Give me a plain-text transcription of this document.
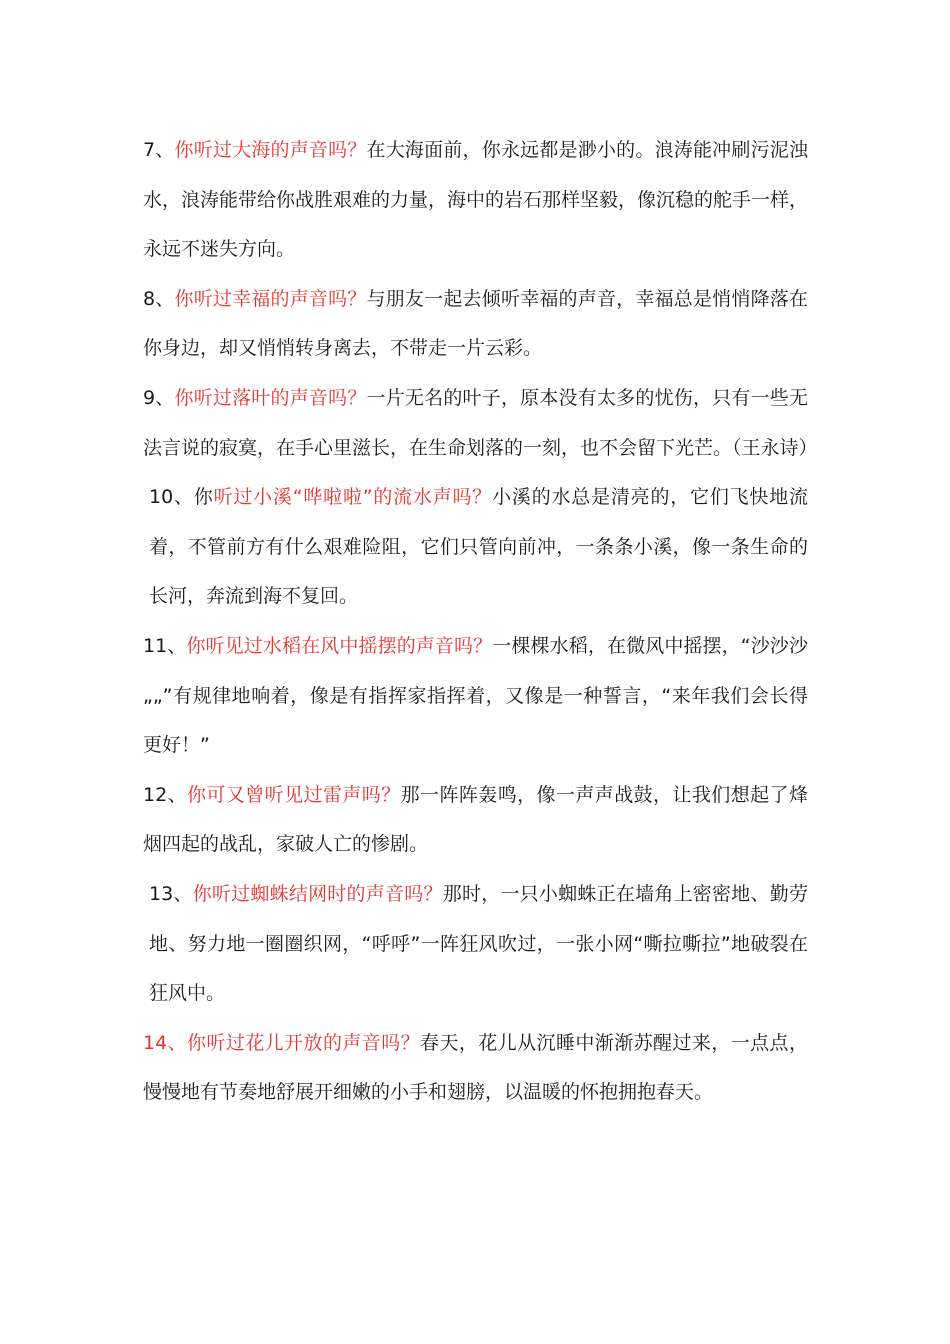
7、你听过大海的声音吗？在大海面前，你永远都是渺小的。浪涛能冲刷污泥浊水，浪涛能带给你战胜艰难的力量，海中的岩石那样坚毅，像沉稳的舵手一样，永远不迷失方向。

8、你听过幸福的声音吗？与朋友一起去倾听幸福的声音，幸福总是悄悄降落在你身边，却又悄悄转身离去，不带走一片云彩。

9、你听过落叶的声音吗？一片无名的叶子，原本没有太多的忧伤，只有一些无法言说的寂寞，在手心里滋长，在生命划落的一刻，也不会留下光芒。（王永诗）

10、你听过小溪“哗啦啦”的流水声吗？小溪的水总是清亮的，它们飞快地流着，不管前方有什么艰难险阻，它们只管向前冲，一条条小溪，像一条生命的长河，奔流到海不复回。

11、你听见过水稻在风中摇摆的声音吗？一棵棵水稻，在微风中摇摆，“沙沙沙„„”有规律地响着，像是有指挥家指挥着，又像是一种誓言，“来年我们会长得更好！”

12、你可又曾听见过雷声吗？那一阵阵轰鸣，像一声声战鼓，让我们想起了烽烟四起的战乱，家破人亡的惨剧。

13、你听过蜘蛛结网时的声音吗？那时，一只小蜘蛛正在墙角上密密地、勤劳地、努力地一圈圈织网，“呼呼”一阵狂风吹过，一张小网“嘶拉嘶拉”地破裂在狂风中。

14、你听过花儿开放的声音吗？春天，花儿从沉睡中渐渐苏醒过来，一点点，慢慢地有节奏地舒展开细嫩的小手和翅膀，以温暖的怀抱拥抱春天。
